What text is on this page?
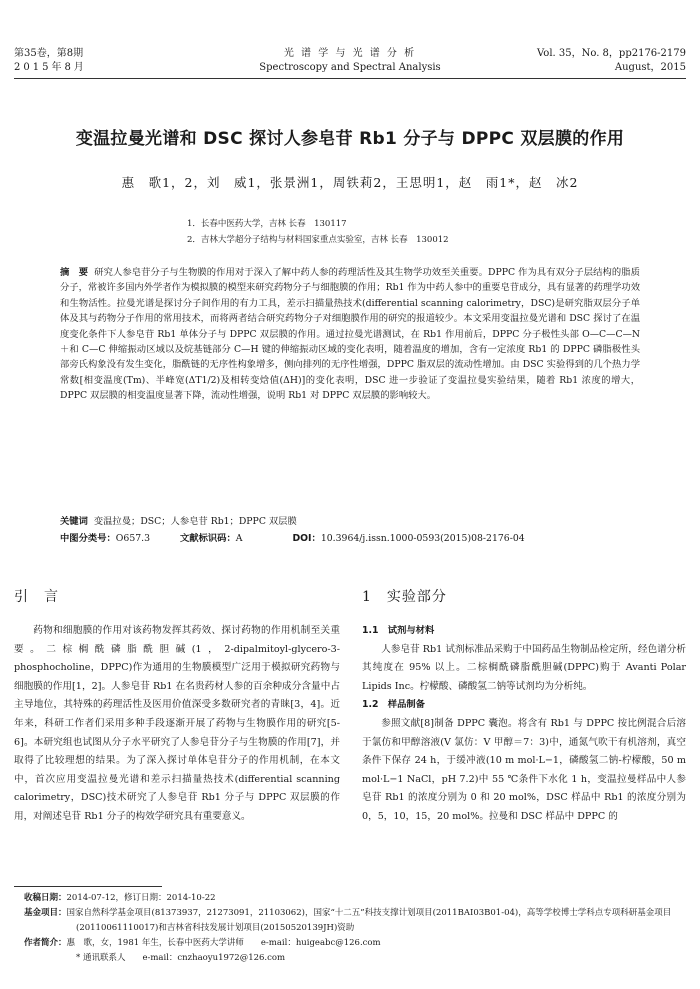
第35卷，第8期
2015年8月
光 谱 学 与 光 谱 分 析
Spectroscopy and Spectral Analysis
Vol. 35，No. 8，pp2176-2179
August，2015
变温拉曼光谱和 DSC 探讨人参皂苷 Rb1 分子与 DPPC 双层膜的作用
惠　歌1，2，刘　威1，张景洲1，周铁莉2，王思明1，赵　雨1*，赵　冰2
1．长春中医药大学，吉林 长春　130117
2．吉林大学超分子结构与材料国家重点实验室，吉林 长春　130012
摘　要 研究人参皂苷分子与生物膜的作用对于深入了解中药人参的药理活性及其生物学功效至关重要。DPPC 作为具有双分子层结构的脂质分子，常被许多国内外学者作为模拟膜的模型来研究药物分子与细胞膜的作用；Rb1 作为中药人参中的重要皂苷成分，具有显著的药理学功效和生物活性。拉曼光谱是探讨分子间作用的有力工具，差示扫描量热技术(differential scanning calorimetry，DSC)是研究脂双层分子单体及其与药物分子作用的常用技术，而将两者结合研究药物分子对细胞膜作用的研究的报道较少。本文采用变温拉曼光谱和 DSC 探讨了在温度变化条件下人参皂苷 Rb1 单体分子与 DPPC 双层膜的作用。通过拉曼光谱测试，在 Rb1 作用前后，DPPC 分子极性头部 O—C—C—N＋和 C—C 伸缩振动区域以及烷基链部分 C—H 键的伸缩振动区域的变化表明，随着温度的增加，含有一定浓度 Rb1 的 DPPC 磷脂极性头部旁氏构象没有发生变化，脂酰链的无序性构象增多，侧向排列的无序性增强，DPPC 脂双层的流动性增加。由 DSC 实验得到的几个热力学常数[相变温度(Tm)、半峰宽(ΔT1/2)及相转变焓值(ΔH)]的变化表明，DSC 进一步验证了变温拉曼实验结果，随着 Rb1 浓度的增大，DPPC 双层膜的相变温度显著下降，流动性增强，说明 Rb1 对 DPPC 双层膜的影响较大。
关键词 变温拉曼；DSC；人参皂苷 Rb1；DPPC 双层膜
中图分类号：O657.3	文献标识码：A	DOI：10.3964/j.issn.1000-0593(2015)08-2176-04
引　言
药物和细胞膜的作用对该药物发挥其药效、探讨药物的作用机制至关重要。二棕榈酰磷脂酰胆碱(1，2-dipalmitoyl-glycero-3-phosphocholine，DPPC)作为通用的生物膜模型广泛用于模拟研究药物与细胞膜的作用[1，2]。人参皂苷 Rb1 在名贵药材人参的百余种成分含量中占主导地位，其特殊的药理活性及医用价值深受多数研究者的青睐[3，4]。近年来，科研工作者们采用多种手段逐渐开展了药物与生物膜作用的研究[5-6]。本研究组也试图从分子水平研究了人参皂苷分子与生物膜的作用[7]，并取得了比较理想的结果。为了深入探讨单体皂苷分子的作用机制，在本文中，首次应用变温拉曼光谱和差示扫描量热技术(differential scanning calorimetry，DSC)技术研究了人参皂苷 Rb1 分子与 DPPC 双层膜的作用，对阐述皂苷 Rb1 分子的构效学研究具有重要意义。
1　实验部分
1.1　试剂与材料
人参皂苷 Rb1 试剂标准品采购于中国药品生物制品检定所，经色谱分析其纯度在 95% 以上。二棕榈酰磷脂酰胆碱(DPPC)购于 Avanti Polar Lipids Inc。柠檬酸、磷酸氢二钠等试剂均为分析纯。
1.2　样品制备
参照文献[8]制备 DPPC 囊泡。将含有 Rb1 与 DPPC 按比例混合后溶于氯仿和甲醇溶液(V 氯仿：V 甲醇＝7：3)中，通氮气吹干有机溶剂，真空条件下保存 24 h，于缓冲液(10 m mol·L−1，磷酸氢二钠-柠檬酸，50 m mol·L−1 NaCl，pH 7.2)中 55 ℃条件下水化 1 h，变温拉曼样品中人参皂苷 Rb1 的浓度分别为 0 和 20 mol%，DSC 样品中 Rb1 的浓度分别为 0，5，10，15，20 mol%。拉曼和 DSC 样品中 DPPC 的
收稿日期：2014-07-12，修订日期：2014-10-22
基金项目：国家自然科学基金项目(81373937，21273091，21103062)，国家“十二五”科技支撑计划项目(2011BAI03B01-04)，高等学校博士学科点专项科研基金项目(20110061110017)和吉林省科技发展计划项目(20150520139JH)资助
作者简介：惠　歌，女，1981 年生，长春中医药大学讲师　　e-mail：huigeabc@126.com
* 通讯联系人　　e-mail：cnzhaoyu1972@126.com
